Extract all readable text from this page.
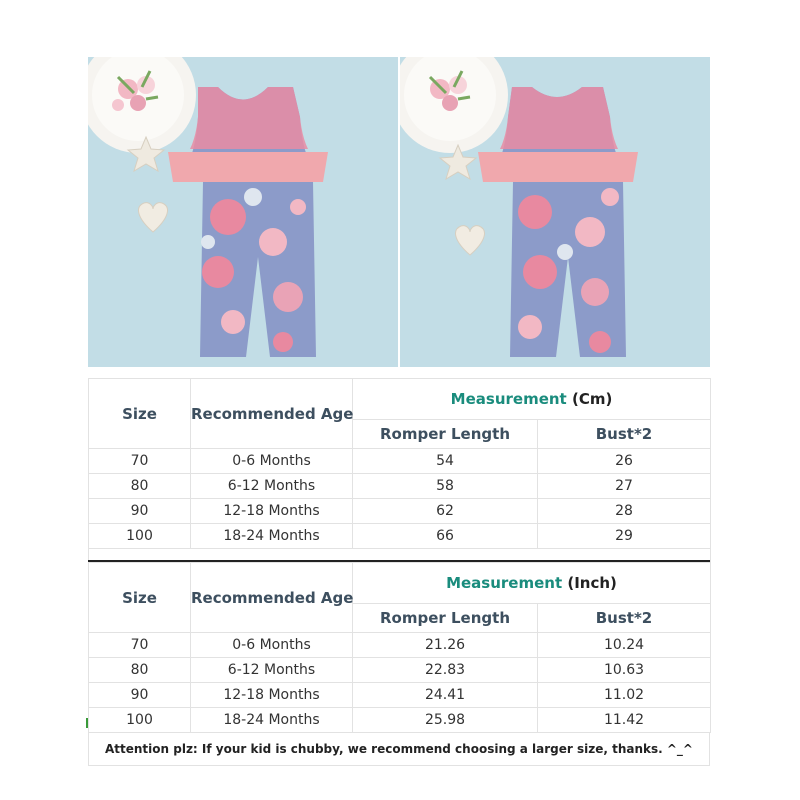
Size	Recommended Age	Measurement (Cm)	
		Romper Length	Bust*2
70	0-6 Months	54	26
80	6-12 Months	58	27
90	12-18 Months	62	28
100	18-24 Months	66	29

Size	Recommended Age	Measurement (Inch)	
		Romper Length	Bust*2
70	0-6 Months	21.26	10.24
80	6-12 Months	22.83	10.63
90	12-18 Months	24.41	11.02
100	18-24 Months	25.98	11.42
Attention plz: If your kid is chubby, we recommend choosing a larger size, thanks. ^_^
